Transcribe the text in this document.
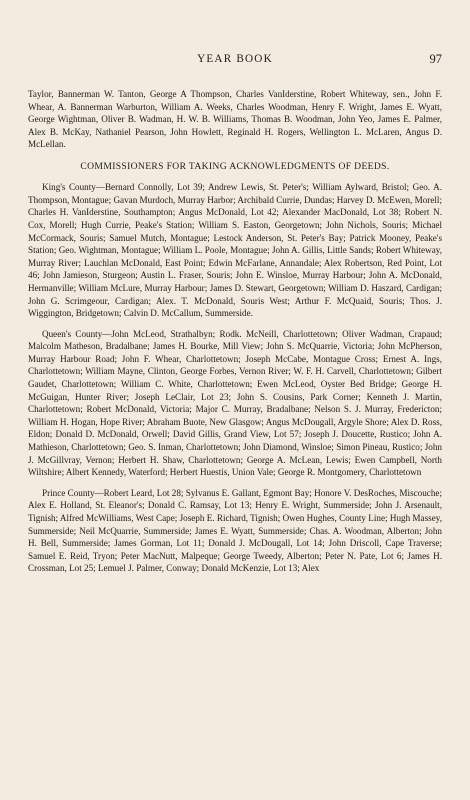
YEAR BOOK	97

Taylor, Bannerman W. Tanton, George A Thompson, Charles VanIderstine, Robert Whiteway, sen., John F. Whear, A. Bannerman Warburton, William A. Weeks, Charles Woodman, Henry F. Wright, James E. Wyatt, George Wightman, Oliver B. Wadman, H. W. B. Williams, Thomas B. Woodman, John Yeo, James E. Palmer, Alex B. McKay, Nathaniel Pearson, John Howlett, Reginald H. Rogers, Wellington L. McLaren, Angus D. McLellan.

COMMISSIONERS FOR TAKING ACKNOWLEDGMENTS OF DEEDS.

King's County—Bernard Connolly, Lot 39; Andrew Lewis, St. Peter's; William Aylward, Bristol; Geo. A. Thompson, Montague; Gavan Murdoch, Murray Harbor; Archibald Currie, Dundas; Harvey D. McEwen, Morell; Charles H. VanIderstine, Southampton; Angus McDonald, Lot 42; Alexander MacDonald, Lot 38; Robert N. Cox, Morell; Hugh Currie, Peake's Station; William S. Easton, Georgetown; John Nichols, Souris; Michael McCormack, Souris; Samuel Mutch, Montague; Lestock Anderson, St. Peter's Bay; Patrick Mooney, Peake's Station; Geo. Wightman, Montague; William L. Poole, Montague; John A. Gillis, Little Sands; Robert Whiteway, Murray River; Lauchlan McDonald, East Point; Edwin McFarlane, Annandale; Alex Robertson, Red Point, Lot 46; John Jamieson, Sturgeon; Austin L. Fraser, Souris; John E. Winsloe, Murray Harbour; John A. McDonald, Hermanville; William McLure, Murray Harbour; James D. Stewart, Georgetown; William D. Haszard, Cardigan; John G. Scrimgeour, Cardigan; Alex. T. McDonald, Souris West; Arthur F. McQuaid, Souris; Thos. J. Wiggington, Bridgetown; Calvin D. McCallum, Summerside.

Queen's County—John McLeod, Strathalbyn; Rodk. McNeill, Charlottetown; Oliver Wadman, Crapaud; Malcolm Matheson, Bradalbane; James H. Bourke, Mill View; John S. McQuarrie, Victoria; John McPherson, Murray Harbour Road; John F. Whear, Charlottetown; Joseph McCabe, Montague Cross; Ernest A. Ings, Charlottetown; William Mayne, Clinton, George Forbes, Vernon River; W. F. H. Carvell, Charlottetown; Gilbert Gaudet, Charlottetown; William C. White, Charlottetown; Ewen McLeod, Oyster Bed Bridge; George H. McGuigan, Hunter River; Joseph LeClair, Lot 23; John S. Cousins, Park Corner; Kenneth J. Martin, Charlottetown; Robert McDonald, Victoria; Major C. Murray, Bradalbane; Nelson S. J. Murray, Fredericton; William H. Hogan, Hope River; Abraham Buote, New Glasgow; Angus McDougall, Argyle Shore; Alex D. Ross, Eldon; Donald D. McDonald, Orwell; David Gillis, Grand View, Lot 57; Joseph J. Doucette, Rustico; John A. Mathieson, Charlottetown; Geo. S. Inman, Charlottetown; John Diamond, Winsloe; Simon Pineau, Rustico; John J. McGillvray, Vernon; Herbert H. Shaw, Charlottetown; George A. McLean, Lewis; Ewen Campbell, North Wiltshire; Albert Kennedy, Waterford; Herbert Huestis, Union Vale; George R. Montgomery, Charlottetown

Prince County—Robert Leard, Lot 28; Sylvanus E. Gallant, Egmont Bay; Honore V. DesRoches, Miscouche; Alex E. Holland, St. Eleanor's; Donald C. Ramsay, Lot 13; Henry E. Wright, Summerside; John J. Arsenault, Tignish; Alfred McWilliams, West Cape; Joseph E. Richard, Tignish; Owen Hughes, County Line; Hugh Massey, Summerside; Neil McQuarrie, Summerside; James E. Wyatt, Summerside; Chas. A. Woodman, Alberton; John H. Bell, Summerside; James Gorman, Lot 11; Donald J. McDougall, Lot 14; John Driscoll, Cape Traverse; Samuel E. Reid, Tryon; Peter MacNutt, Malpeque; George Tweedy, Alberton; Peter N. Pate, Lot 6; James H. Crossman, Lot 25; Lemuel J. Palmer, Conway; Donald McKenzie, Lot 13; Alex
